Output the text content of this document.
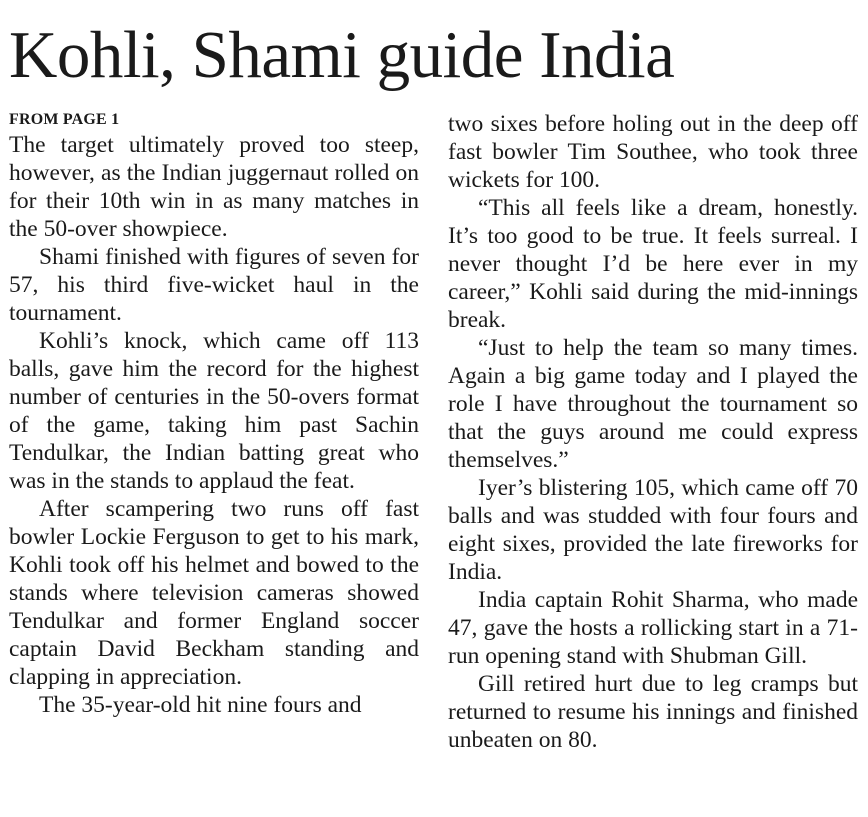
Kohli, Shami guide India
FROM PAGE 1

The target ultimately proved too steep, however, as the Indian juggernaut rolled on for their 10th win in as many matches in the 50-over showpiece.

Shami finished with figures of seven for 57, his third five-wicket haul in the tournament.

Kohli’s knock, which came off 113 balls, gave him the record for the highest number of centuries in the 50-overs format of the game, taking him past Sachin Tendulkar, the Indian batting great who was in the stands to applaud the feat.

After scampering two runs off fast bowler Lockie Ferguson to get to his mark, Kohli took off his helmet and bowed to the stands where television cameras showed Tendulkar and former England soccer captain David Beckham standing and clapping in appreciation.

The 35-year-old hit nine fours and

two sixes before holing out in the deep off fast bowler Tim Southee, who took three wickets for 100.

“This all feels like a dream, honestly. It’s too good to be true. It feels surreal. I never thought I’d be here ever in my career,” Kohli said during the mid-innings break.

“Just to help the team so many times. Again a big game today and I played the role I have throughout the tournament so that the guys around me could express themselves.”

Iyer’s blistering 105, which came off 70 balls and was studded with four fours and eight sixes, provided the late fireworks for India.

India captain Rohit Sharma, who made 47, gave the hosts a rollicking start in a 71-run opening stand with Shubman Gill.

Gill retired hurt due to leg cramps but returned to resume his innings and finished unbeaten on 80.
